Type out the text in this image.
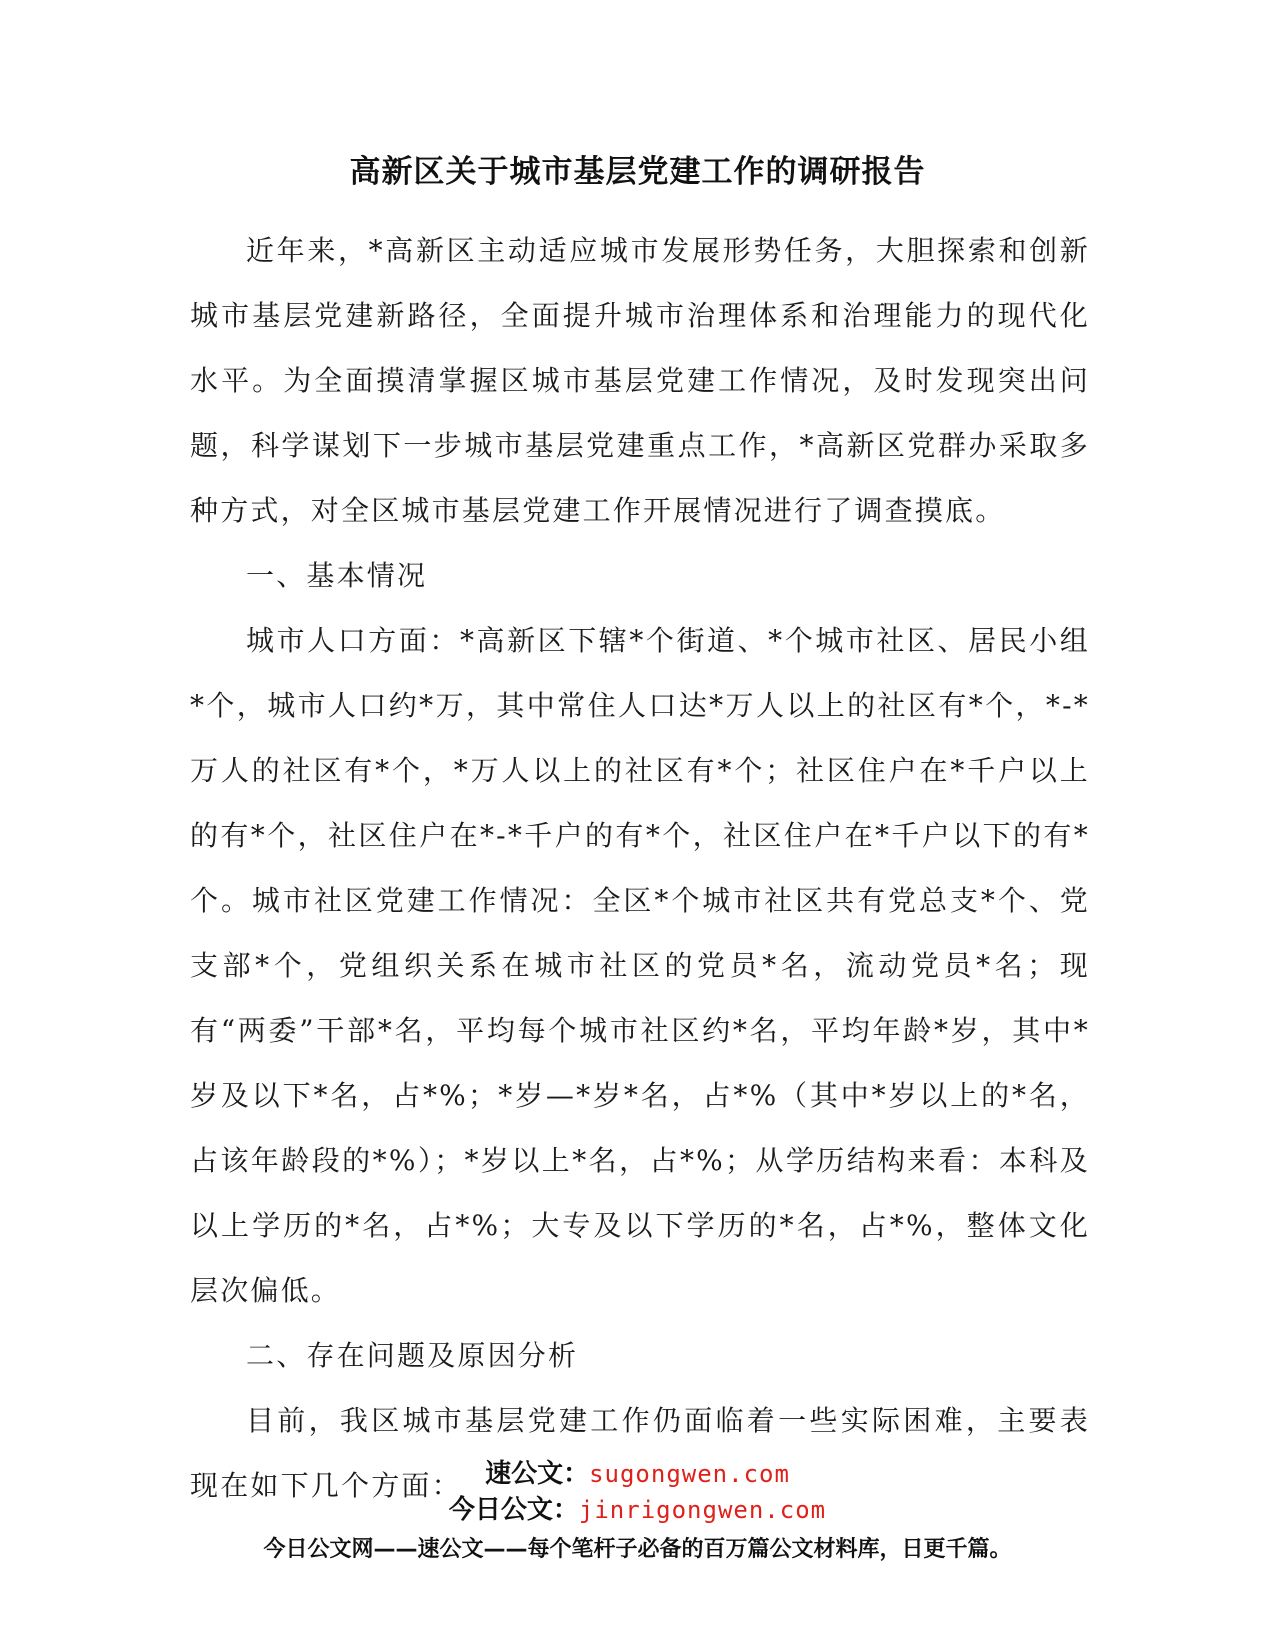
高新区关于城市基层党建工作的调研报告

近年来，*高新区主动适应城市发展形势任务，大胆探索和创新城市基层党建新路径，全面提升城市治理体系和治理能力的现代化水平。为全面摸清掌握区城市基层党建工作情况，及时发现突出问题，科学谋划下一步城市基层党建重点工作，*高新区党群办采取多种方式，对全区城市基层党建工作开展情况进行了调查摸底。

一、基本情况

城市人口方面：*高新区下辖*个街道、*个城市社区、居民小组*个，城市人口约*万，其中常住人口达*万人以上的社区有*个，*-*万人的社区有*个，*万人以上的社区有*个；社区住户在*千户以上的有*个，社区住户在*-*千户的有*个，社区住户在*千户以下的有*个。城市社区党建工作情况：全区*个城市社区共有党总支*个、党支部*个，党组织关系在城市社区的党员*名，流动党员*名；现有“两委”干部*名，平均每个城市社区约*名，平均年龄*岁，其中*岁及以下*名，占*%；*岁—*岁*名，占*%（其中*岁以上的*名，占该年龄段的*%）；*岁以上*名，占*%；从学历结构来看：本科及以上学历的*名，占*%；大专及以下学历的*名，占*%，整体文化层次偏低。

二、存在问题及原因分析

目前，我区城市基层党建工作仍面临着一些实际困难，主要表现在如下几个方面： 速公文：sugongwen.com
今日公文：jinrigongwen.com
今日公文网——速公文——每个笔杆子必备的百万篇公文材料库，日更千篇。
